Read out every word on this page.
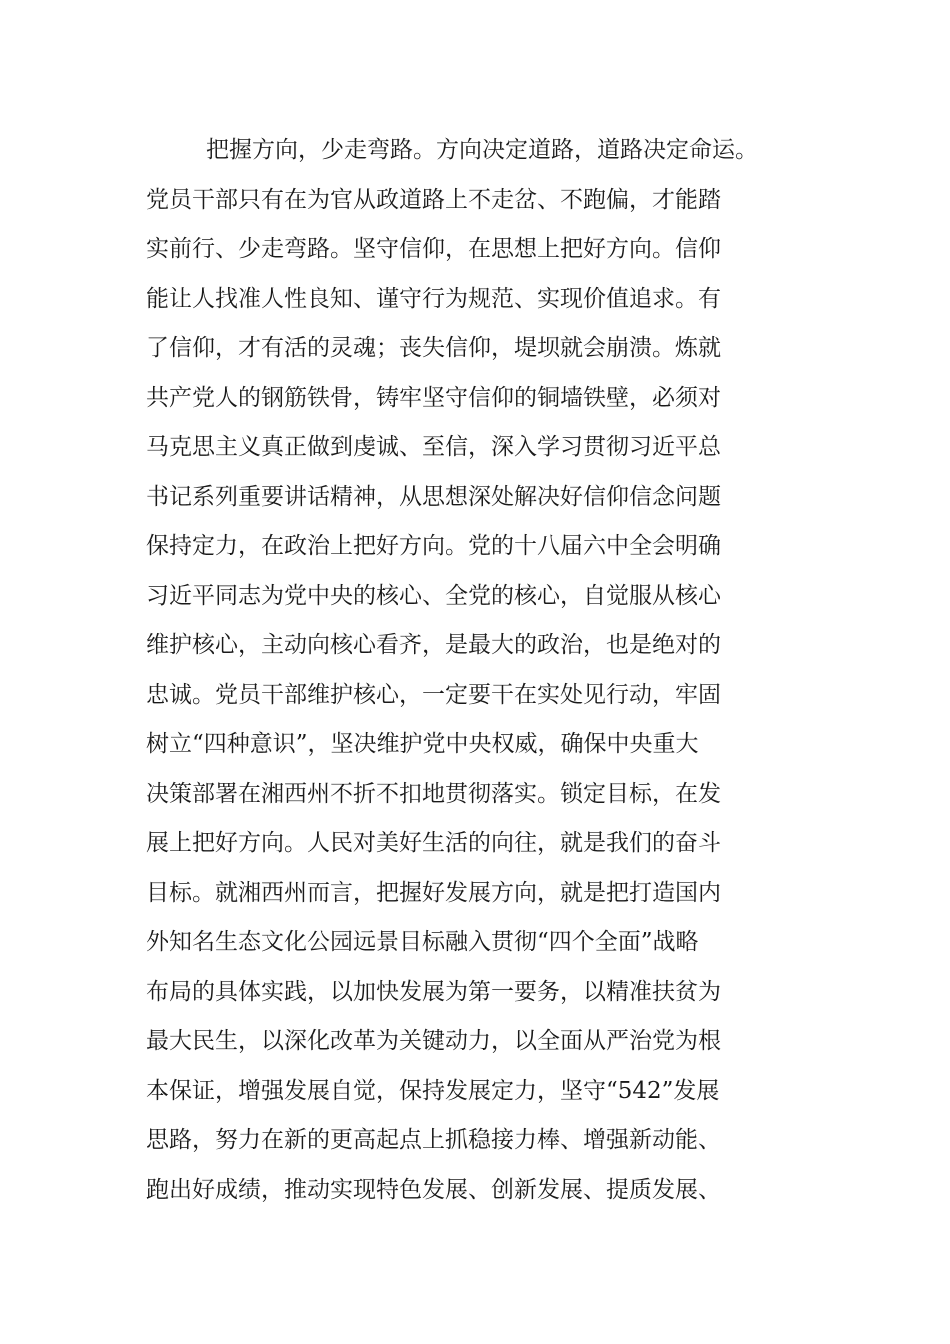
把握方向，少走弯路。方向决定道路，道路决定命运。
党员干部只有在为官从政道路上不走岔、不跑偏，才能踏
实前行、少走弯路。坚守信仰，在思想上把好方向。信仰
能让人找准人性良知、谨守行为规范、实现价值追求。有
了信仰，才有活的灵魂；丧失信仰，堤坝就会崩溃。炼就
共产党人的钢筋铁骨，铸牢坚守信仰的铜墙铁壁，必须对
马克思主义真正做到虔诚、至信，深入学习贯彻习近平总
书记系列重要讲话精神，从思想深处解决好信仰信念问题
保持定力，在政治上把好方向。党的十八届六中全会明确
习近平同志为党中央的核心、全党的核心，自觉服从核心
维护核心，主动向核心看齐，是最大的政治，也是绝对的
忠诚。党员干部维护核心，一定要干在实处见行动，牢固
树立“四种意识”，坚决维护党中央权威，确保中央重大
决策部署在湘西州不折不扣地贯彻落实。锁定目标，在发
展上把好方向。人民对美好生活的向往，就是我们的奋斗
目标。就湘西州而言，把握好发展方向，就是把打造国内
外知名生态文化公园远景目标融入贯彻“四个全面”战略
布局的具体实践，以加快发展为第一要务，以精准扶贫为
最大民生，以深化改革为关键动力，以全面从严治党为根
本保证，增强发展自觉，保持发展定力，坚守“542”发展
思路，努力在新的更高起点上抓稳接力棒、增强新动能、
跑出好成绩，推动实现特色发展、创新发展、提质发展、
